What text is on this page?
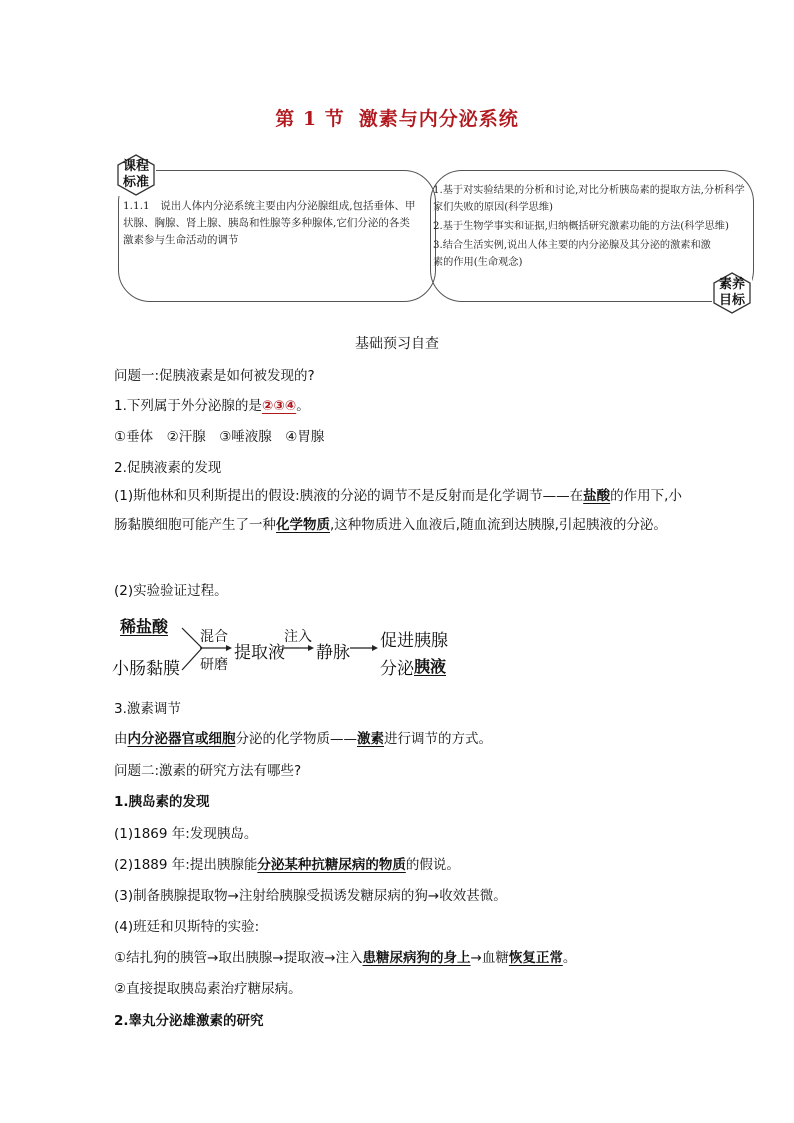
第 1 节 激素与内分泌系统
课程标准
1.1.1　说出人体内分泌系统主要由内分泌腺组成,包括垂体、甲状腺、胸腺、肾上腺、胰岛和性腺等多种腺体,它们分泌的各类激素参与生命活动的调节

1.基于对实验结果的分析和讨论,对比分析胰岛素的提取方法,分析科学家们失败的原因(科学思维)

2.基于生物学事实和证据,归纳概括研究激素功能的方法(科学思维)

3.结合生活实例,说出人体主要的内分泌腺及其分泌的激素和激素的作用(生命观念)

素养目标
基础预习自查
问题一:促胰液素是如何被发现的?
1.下列属于外分泌腺的是②③④。
①垂体　②汗腺　③唾液腺　④胃腺
2.促胰液素的发现
(1)斯他林和贝利斯提出的假设:胰液的分泌的调节不是反射而是化学调节——在盐酸的作用下,小肠黏膜细胞可能产生了一种化学物质,这种物质进入血液后,随血流到达胰腺,引起胰液的分泌。
(2)实验验证过程。
稀盐酸
小肠黏膜
混合
研磨
提取液
注入
静脉
促进胰腺
分泌 胰液
3.激素调节
由内分泌器官或细胞分泌的化学物质——激素进行调节的方式。
问题二:激素的研究方法有哪些?
1.胰岛素的发现
(1)1869 年:发现胰岛。
(2)1889 年:提出胰腺能分泌某种抗糖尿病的物质的假说。
(3)制备胰腺提取物→注射给胰腺受损诱发糖尿病的狗→收效甚微。
(4)班廷和贝斯特的实验:
①结扎狗的胰管→取出胰腺→提取液→注入患糖尿病狗的身上→血糖恢复正常。
②直接提取胰岛素治疗糖尿病。
2.睾丸分泌雄激素的研究
